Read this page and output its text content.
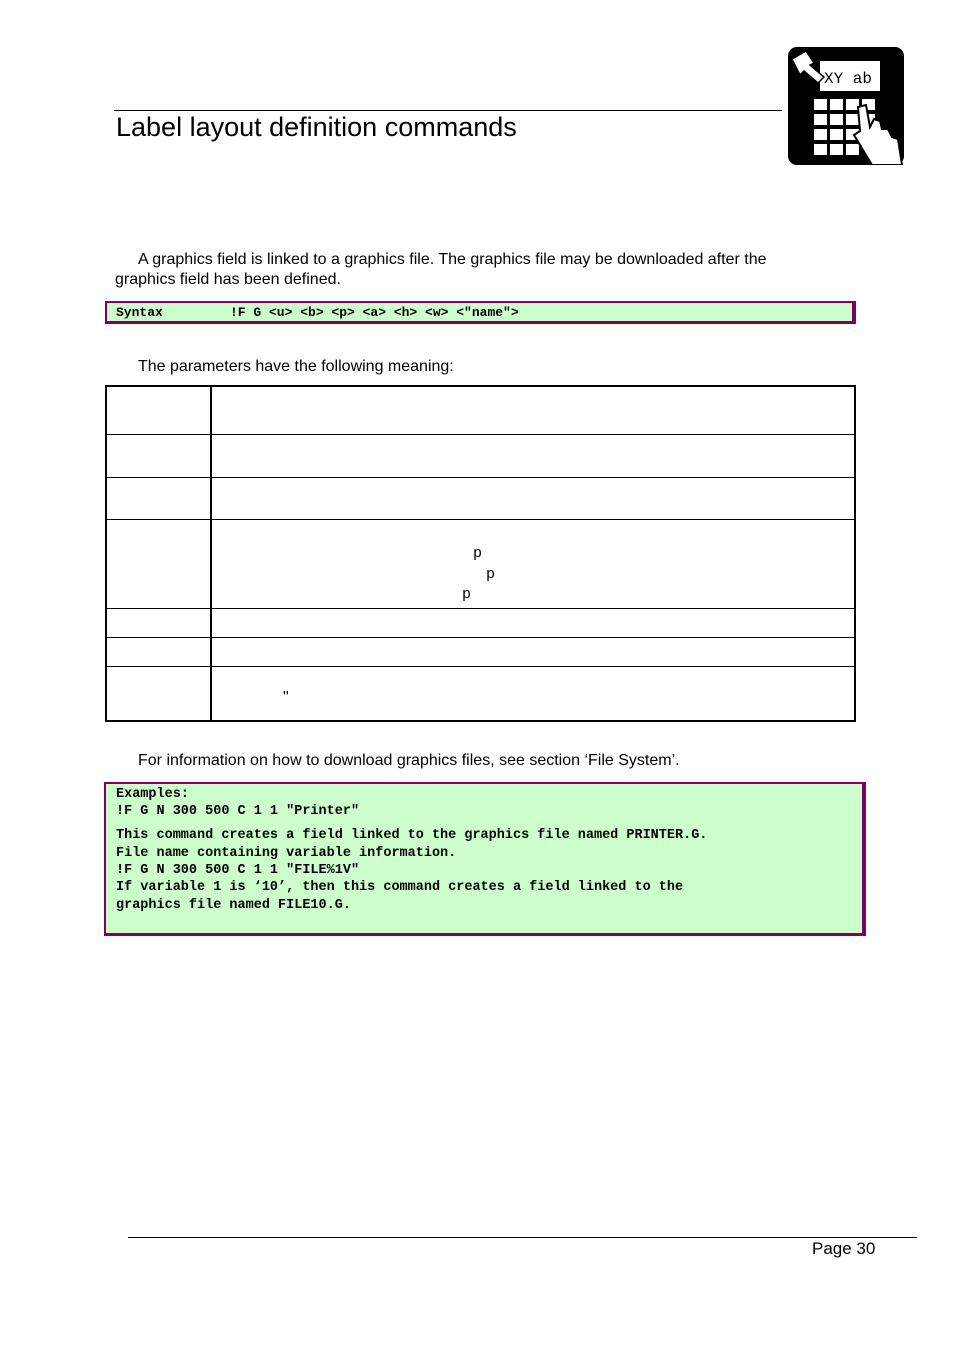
Label layout definition commands
XY ab
A graphics field is linked to a graphics file. The graphics file may be downloaded after the
graphics field has been defined.
Syntax	!F G <u> <b> <p> <a> <h> <w> <"name">
The parameters have the following meaning:
p
p
p
"
For information on how to download graphics files, see section ‘File System’.
Examples:
!F G N 300 500 C 1 1 "Printer"
This command creates a field linked to the graphics file named PRINTER.G.
File name containing variable information.
!F G N 300 500 C 1 1 "FILE%1V"
If variable 1 is ‘10’, then this command creates a field linked to the
graphics file named FILE10.G.
Page 30
